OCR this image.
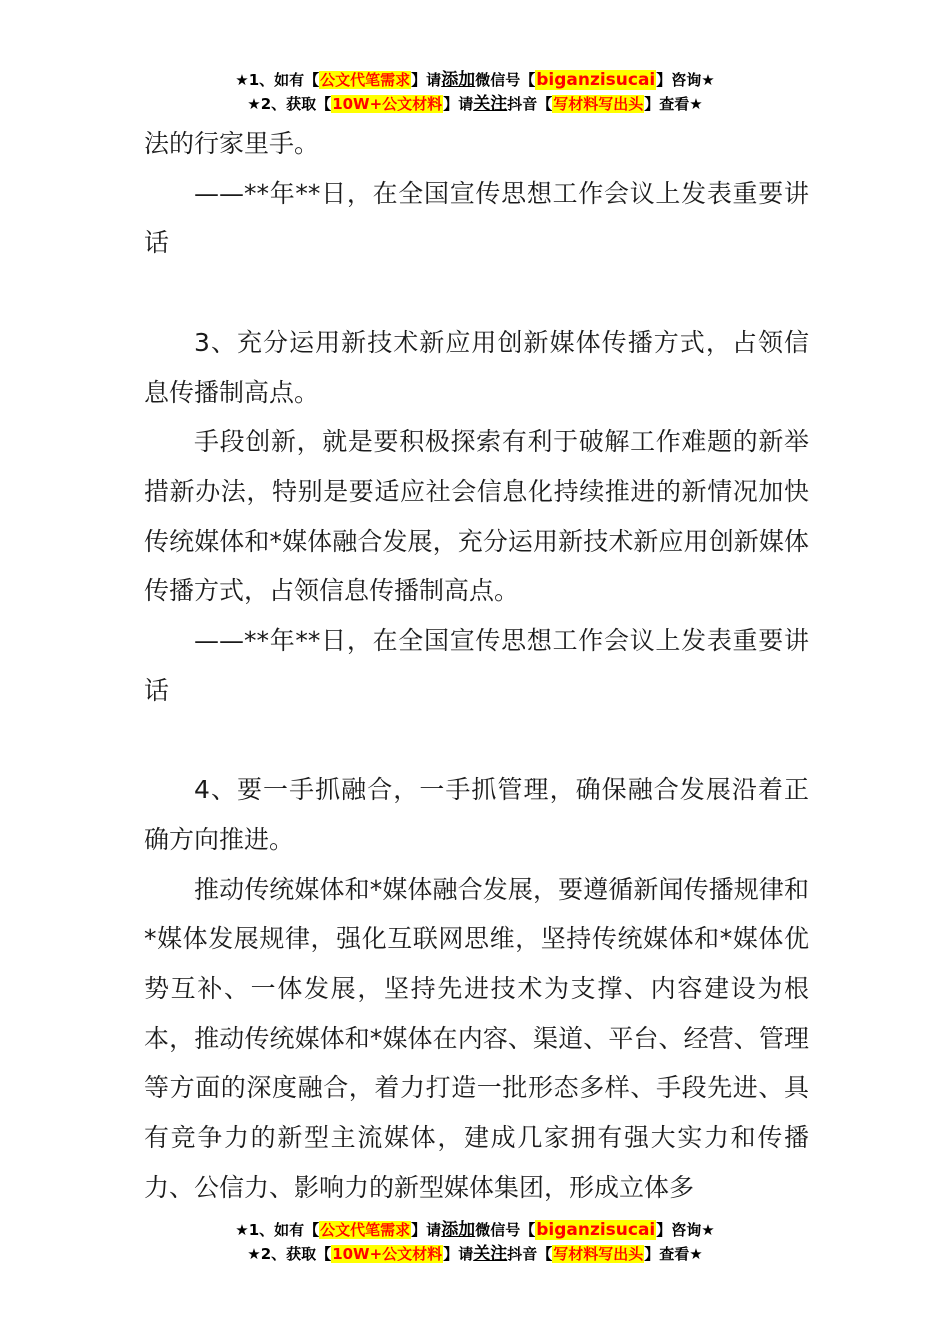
★1、如有【公文代笔需求】请添加微信号【biganzisucai】咨询★
★2、获取【10W+公文材料】请关注抖音【写材料写出头】查看★

法的行家里手。

——**年**日，在全国宣传思想工作会议上发表重要讲话

3、充分运用新技术新应用创新媒体传播方式，占领信息传播制高点。

手段创新，就是要积极探索有利于破解工作难题的新举措新办法，特别是要适应社会信息化持续推进的新情况加快传统媒体和*媒体融合发展，充分运用新技术新应用创新媒体传播方式，占领信息传播制高点。

——**年**日，在全国宣传思想工作会议上发表重要讲话

4、要一手抓融合，一手抓管理，确保融合发展沿着正确方向推进。

推动传统媒体和*媒体融合发展，要遵循新闻传播规律和*媒体发展规律，强化互联网思维，坚持传统媒体和*媒体优势互补、一体发展，坚持先进技术为支撑、内容建设为根本，推动传统媒体和*媒体在内容、渠道、平台、经营、管理等方面的深度融合，着力打造一批形态多样、手段先进、具有竞争力的新型主流媒体，建成几家拥有强大实力和传播力、公信力、影响力的新型媒体集团，形成立体多

★1、如有【公文代笔需求】请添加微信号【biganzisucai】咨询★
★2、获取【10W+公文材料】请关注抖音【写材料写出头】查看★
